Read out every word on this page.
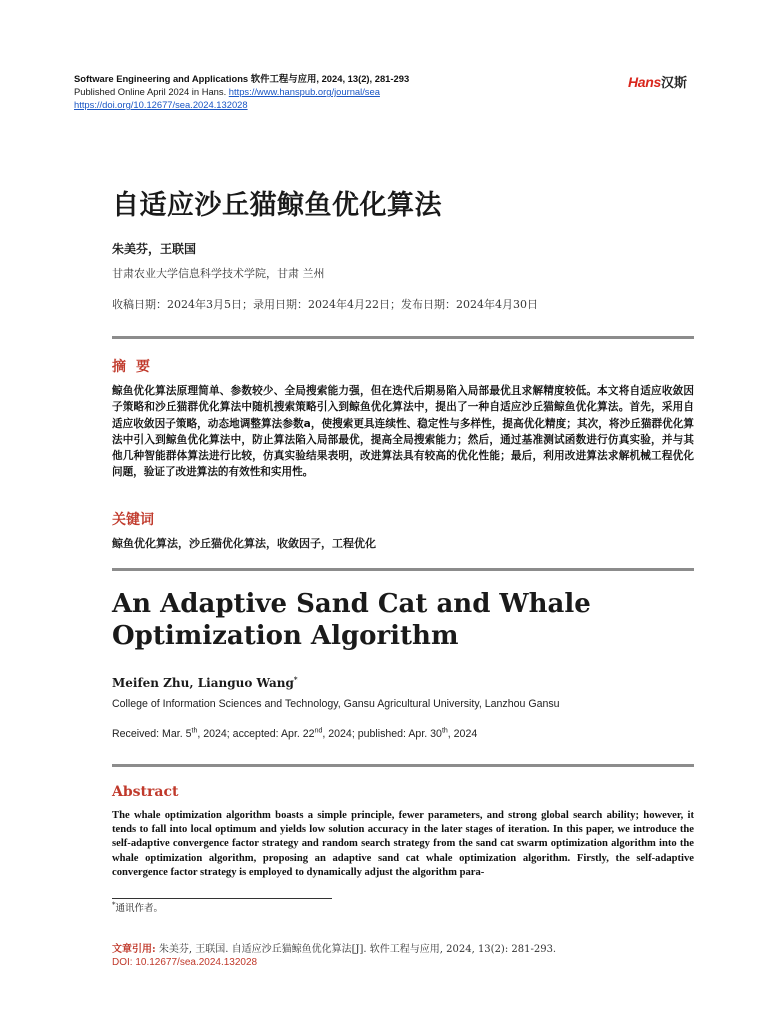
Software Engineering and Applications 软件工程与应用, 2024, 13(2), 281-293
Published Online April 2024 in Hans. https://www.hanspub.org/journal/sea
https://doi.org/10.12677/sea.2024.132028
Hans汉斯
自适应沙丘猫鲸鱼优化算法
朱美芬，王联国
甘肃农业大学信息科学技术学院，甘肃 兰州
收稿日期：2024年3月5日；录用日期：2024年4月22日；发布日期：2024年4月30日
摘要
鲸鱼优化算法原理简单、参数较少、全局搜索能力强，但在迭代后期易陷入局部最优且求解精度较低。本文将自适应收敛因子策略和沙丘猫群优化算法中随机搜索策略引入到鲸鱼优化算法中，提出了一种自适应沙丘猫鲸鱼优化算法。首先，采用自适应收敛因子策略，动态地调整算法参数a，使搜索更具连续性、稳定性与多样性，提高优化精度；其次，将沙丘猫群优化算法中引入到鲸鱼优化算法中，防止算法陷入局部最优，提高全局搜索能力；然后，通过基准测试函数进行仿真实验，并与其他几种智能群体算法进行比较，仿真实验结果表明，改进算法具有较高的优化性能；最后，利用改进算法求解机械工程优化问题，验证了改进算法的有效性和实用性。
关键词
鲸鱼优化算法，沙丘猫优化算法，收敛因子，工程优化
An Adaptive Sand Cat and Whale Optimization Algorithm
Meifen Zhu, Lianguo Wang*
College of Information Sciences and Technology, Gansu Agricultural University, Lanzhou Gansu
Received: Mar. 5th, 2024; accepted: Apr. 22nd, 2024; published: Apr. 30th, 2024
Abstract
The whale optimization algorithm boasts a simple principle, fewer parameters, and strong global search ability; however, it tends to fall into local optimum and yields low solution accuracy in the later stages of iteration. In this paper, we introduce the self-adaptive convergence factor strategy and random search strategy from the sand cat swarm optimization algorithm into the whale optimization algorithm, proposing an adaptive sand cat whale optimization algorithm. Firstly, the self-adaptive convergence factor strategy is employed to dynamically adjust the algorithm para-
*通讯作者。
文章引用: 朱美芬, 王联国. 自适应沙丘猫鲸鱼优化算法[J]. 软件工程与应用, 2024, 13(2): 281-293.
DOI: 10.12677/sea.2024.132028
